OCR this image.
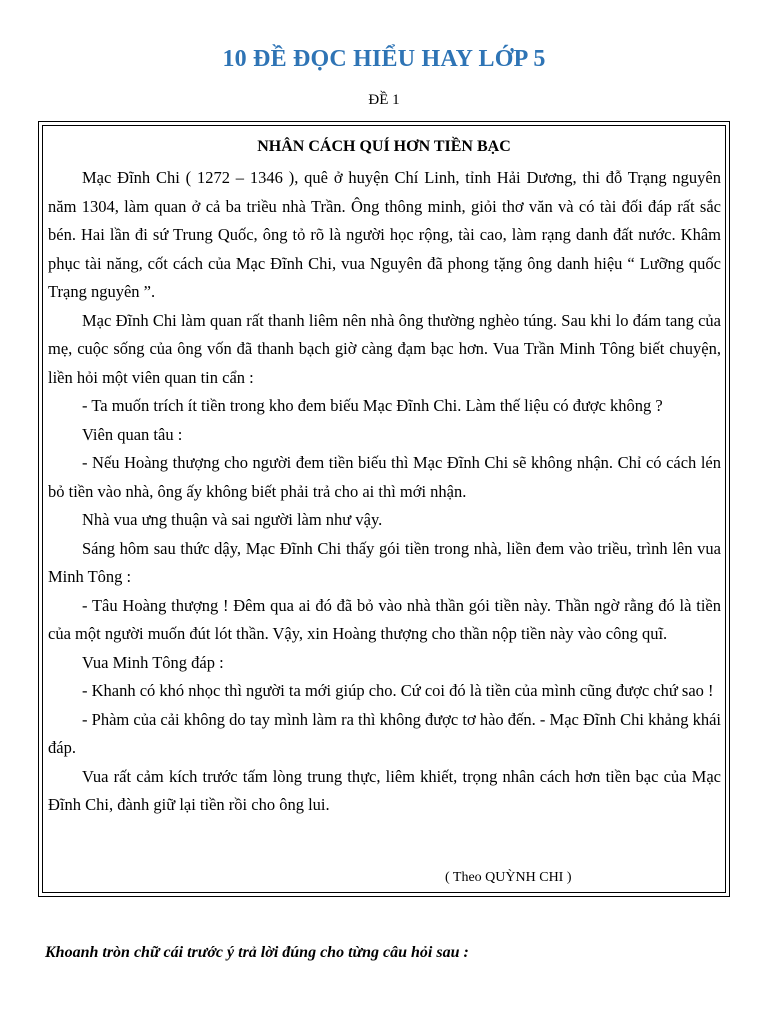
10 ĐỀ ĐỌC HIỂU HAY LỚP 5
ĐỀ 1
NHÂN CÁCH QUÍ HƠN TIỀN BẠC

Mạc Đĩnh Chi ( 1272 – 1346 ), quê ở huyện Chí Linh, tỉnh Hải Dương, thi đỗ Trạng nguyên năm 1304, làm quan ở cả ba triều nhà Trần. Ông thông minh, giỏi thơ văn và có tài đối đáp rất sắc bén. Hai lần đi sứ Trung Quốc, ông tỏ rõ là người học rộng, tài cao, làm rạng danh đất nước. Khâm phục tài năng, cốt cách của Mạc Đĩnh Chi, vua Nguyên đã phong tặng ông danh hiệu “ Lưỡng quốc Trạng nguyên ”.

Mạc Đĩnh Chi làm quan rất thanh liêm nên nhà ông thường nghèo túng. Sau khi lo đám tang của mẹ, cuộc sống của ông vốn đã thanh bạch giờ càng đạm bạc hơn. Vua Trần Minh Tông biết chuyện, liền hỏi một viên quan tin cẩn :

- Ta muốn trích ít tiền trong kho đem biếu Mạc Đĩnh Chi. Làm thế liệu có được không ?

Viên quan tâu :

- Nếu Hoàng thượng cho người đem tiền biếu thì Mạc Đĩnh Chi sẽ không nhận. Chỉ có cách lén bỏ tiền vào nhà, ông ấy không biết phải trả cho ai thì mới nhận.

Nhà vua ưng thuận và sai người làm như vậy.

Sáng hôm sau thức dậy, Mạc Đĩnh Chi thấy gói tiền trong nhà, liền đem vào triều, trình lên vua Minh Tông :

- Tâu Hoàng thượng ! Đêm qua ai đó đã bỏ vào nhà thần gói tiền này. Thần ngờ rằng đó là tiền của một người muốn đút lót thần. Vậy, xin Hoàng thượng cho thần nộp tiền này vào công quĩ.

Vua Minh Tông đáp :

- Khanh có khó nhọc thì người ta mới giúp cho. Cứ coi đó là tiền của mình cũng được chứ sao !

- Phàm của cải không do tay mình làm ra thì không được tơ hào đến. - Mạc Đĩnh Chi khảng khái đáp.

Vua rất cảm kích trước tấm lòng trung thực, liêm khiết, trọng nhân cách hơn tiền bạc của Mạc Đĩnh Chi, đành giữ lại tiền rồi cho ông lui.

( Theo QUỲNH CHI )

Khoanh tròn chữ cái trước ý trả lời đúng cho từng câu hỏi sau :
